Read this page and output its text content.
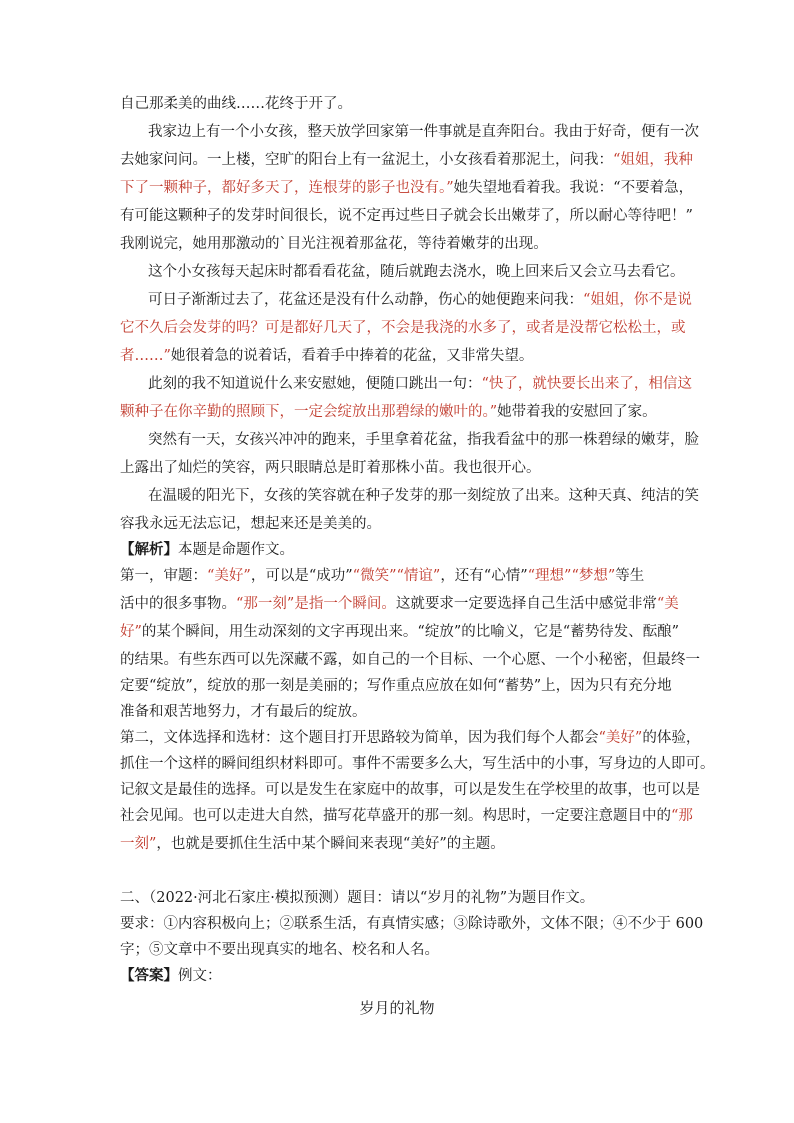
自己那柔美的曲线……花终于开了。
我家边上有一个小女孩，整天放学回家第一件事就是直奔阳台。我由于好奇，便有一次
去她家问问。一上楼，空旷的阳台上有一盆泥土，小女孩看着那泥土，问我：“姐姐，我种
下了一颗种子，都好多天了，连根芽的影子也没有。”她失望地看着我。我说：“不要着急，
有可能这颗种子的发芽时间很长，说不定再过些日子就会长出嫩芽了，所以耐心等待吧！”
我刚说完，她用那激动的`目光注视着那盆花，等待着嫩芽的出现。
这个小女孩每天起床时都看看花盆，随后就跑去浇水，晚上回来后又会立马去看它。
可日子渐渐过去了，花盆还是没有什么动静，伤心的她便跑来问我：“姐姐，你不是说
它不久后会发芽的吗？可是都好几天了，不会是我浇的水多了，或者是没帮它松松土，或
者……”她很着急的说着话，看着手中捧着的花盆，又非常失望。
此刻的我不知道说什么来安慰她，便随口跳出一句：“快了，就快要长出来了，相信这
颗种子在你辛勤的照顾下，一定会绽放出那碧绿的嫩叶的。”她带着我的安慰回了家。
突然有一天，女孩兴冲冲的跑来，手里拿着花盆，指我看盆中的那一株碧绿的嫩芽，脸
上露出了灿烂的笑容，两只眼睛总是盯着那株小苗。我也很开心。
在温暖的阳光下，女孩的笑容就在种子发芽的那一刻绽放了出来。这种天真、纯洁的笑
容我永远无法忘记，想起来还是美美的。
【解析】本题是命题作文。
第一，审题：“美好”，可以是“成功”“微笑”“情谊”，还有“心情”“理想”“梦想”等生
活中的很多事物。“那一刻”是指一个瞬间。这就要求一定要选择自己生活中感觉非常“美
好”的某个瞬间，用生动深刻的文字再现出来。“绽放”的比喻义，它是“蓄势待发、酝酿”
的结果。有些东西可以先深藏不露，如自己的一个目标、一个心愿、一个小秘密，但最终一
定要“绽放”，绽放的那一刻是美丽的；写作重点应放在如何“蓄势”上，因为只有充分地
准备和艰苦地努力，才有最后的绽放。
第二，文体选择和选材：这个题目打开思路较为简单，因为我们每个人都会“美好”的体验，
抓住一个这样的瞬间组织材料即可。事件不需要多么大，写生活中的小事，写身边的人即可。
记叙文是最佳的选择。可以是发生在家庭中的故事，可以是发生在学校里的故事，也可以是
社会见闻。也可以走进大自然，描写花草盛开的那一刻。构思时，一定要注意题目中的“那
一刻”，也就是要抓住生活中某个瞬间来表现“美好”的主题。
二、（2022·河北石家庄·模拟预测）题目：请以“岁月的礼物”为题目作文。
要求：①内容积极向上；②联系生活，有真情实感；③除诗歌外，文体不限；④不少于 600
字；⑤文章中不要出现真实的地名、校名和人名。
【答案】例文：
岁月的礼物
